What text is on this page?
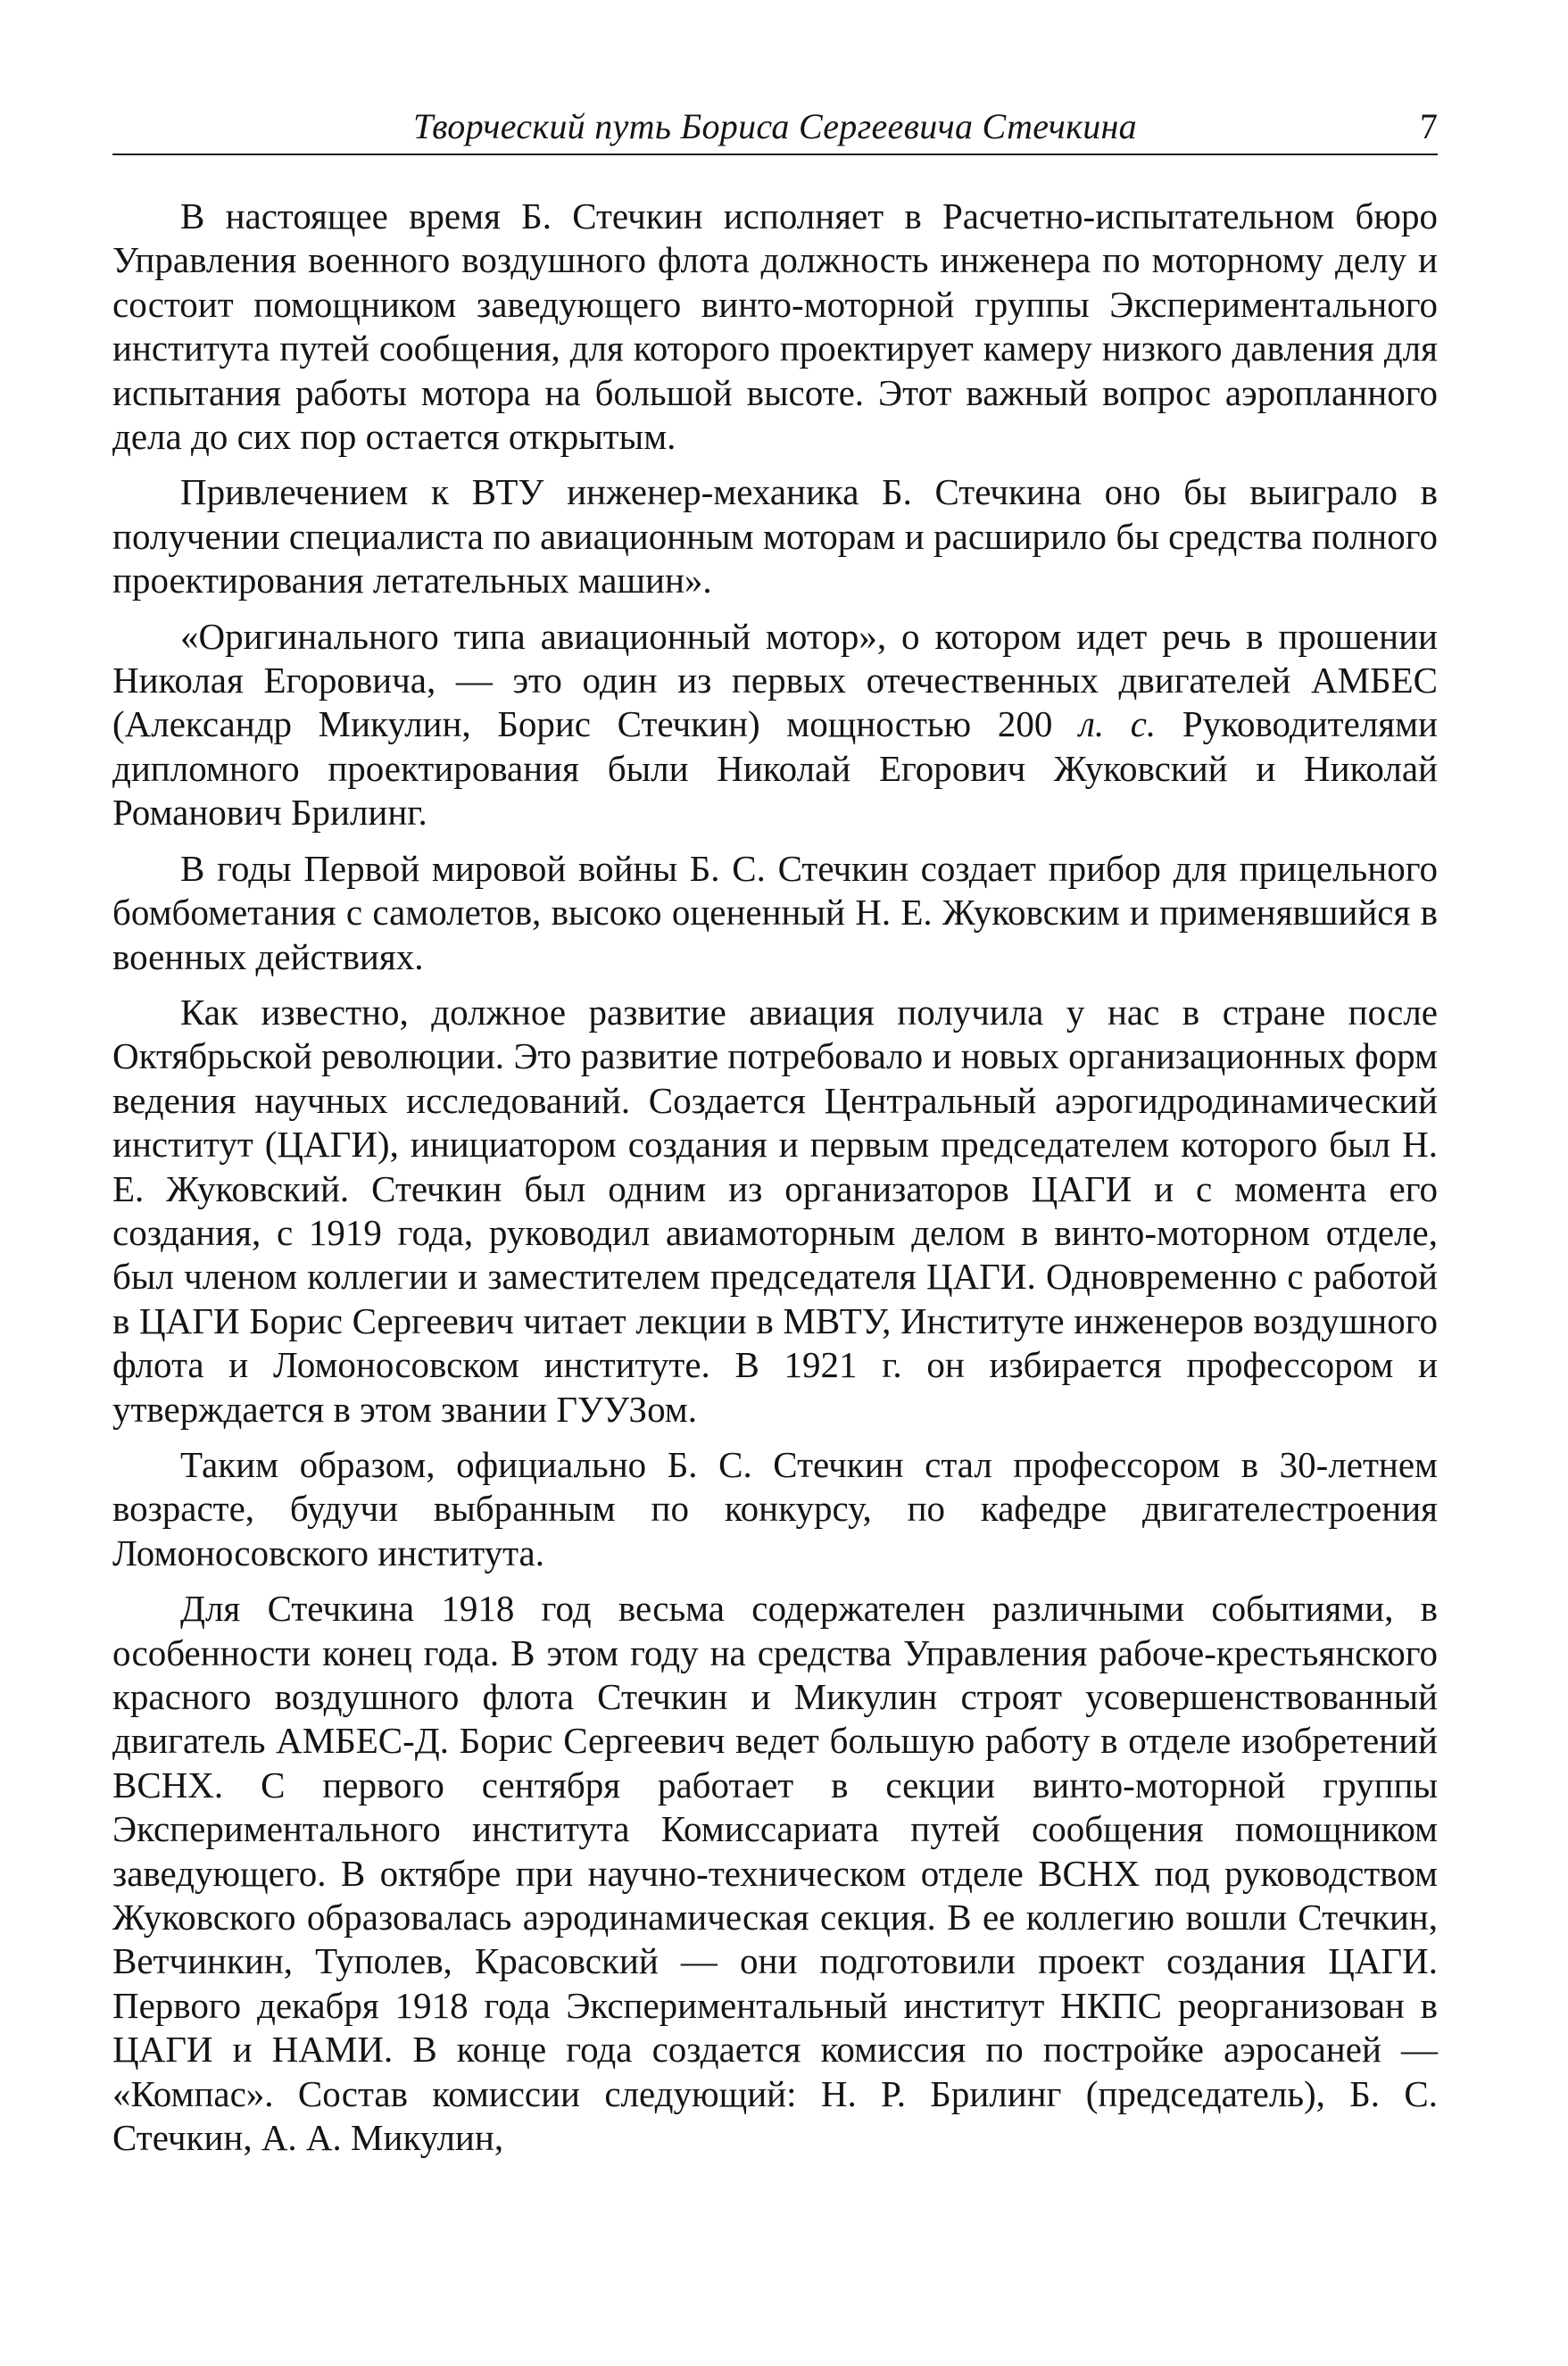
Творческий путь Бориса Сергеевича Стечкина	7

В настоящее время Б. Стечкин исполняет в Расчетно-испытательном бюро Управления военного воздушного флота должность инженера по моторному делу и состоит помощником заведующего винто-моторной группы Экспериментального института путей сообщения, для которого проектирует камеру низкого давления для испытания работы мотора на большой высоте. Этот важный вопрос аэропланного дела до сих пор остается открытым.

Привлечением к ВТУ инженер-механика Б. Стечкина оно бы выиграло в получении специалиста по авиационным моторам и расширило бы средства полного проектирования летательных машин».

«Оригинального типа авиационный мотор», о котором идет речь в прошении Николая Егоровича, — это один из первых отечественных двигателей АМБЕС (Александр Микулин, Борис Стечкин) мощностью 200 л. с. Руководителями дипломного проектирования были Николай Егорович Жуковский и Николай Романович Брилинг.

В годы Первой мировой войны Б. С. Стечкин создает прибор для прицельного бомбометания с самолетов, высоко оцененный Н. Е. Жуковским и применявшийся в военных действиях.

Как известно, должное развитие авиация получила у нас в стране после Октябрьской революции. Это развитие потребовало и новых организационных форм ведения научных исследований. Создается Центральный аэрогидродинамический институт (ЦАГИ), инициатором создания и первым председателем которого был Н. Е. Жуковский. Стечкин был одним из организаторов ЦАГИ и с момента его создания, с 1919 года, руководил авиамоторным делом в винто-моторном отделе, был членом коллегии и заместителем председателя ЦАГИ. Одновременно с работой в ЦАГИ Борис Сергеевич читает лекции в МВТУ, Институте инженеров воздушного флота и Ломоносовском институте. В 1921 г. он избирается профессором и утверждается в этом звании ГУУЗом.

Таким образом, официально Б. С. Стечкин стал профессором в 30-летнем возрасте, будучи выбранным по конкурсу, по кафедре двигателестроения Ломоносовского института.

Для Стечкина 1918 год весьма содержателен различными событиями, в особенности конец года. В этом году на средства Управления рабоче-крестьянского красного воздушного флота Стечкин и Микулин строят усовершенствованный двигатель АМБЕС-Д. Борис Сергеевич ведет большую работу в отделе изобретений ВСНХ. С первого сентября работает в секции винто-моторной группы Экспериментального института Комиссариата путей сообщения помощником заведующего. В октябре при научно-техническом отделе ВСНХ под руководством Жуковского образовалась аэродинамическая секция. В ее коллегию вошли Стечкин, Ветчинкин, Туполев, Красовский — они подготовили проект создания ЦАГИ. Первого декабря 1918 года Экспериментальный институт НКПС реорганизован в ЦАГИ и НАМИ. В конце года создается комиссия по постройке аэросаней — «Компас». Состав комиссии следующий: Н. Р. Брилинг (председатель), Б. С. Стечкин, А. А. Микулин,
